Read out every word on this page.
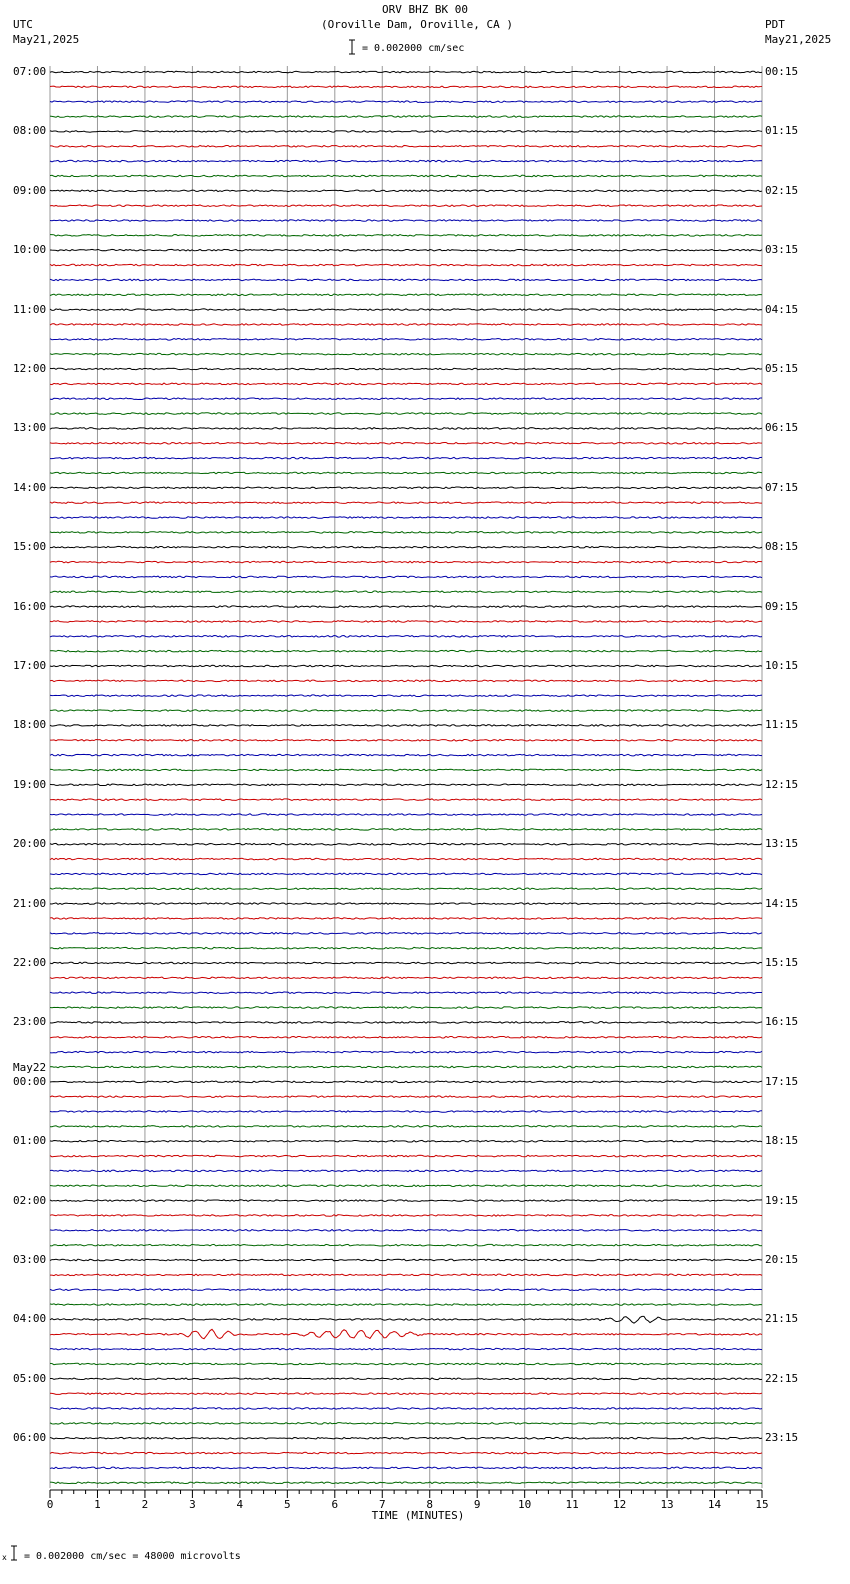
ORV BHZ BK 00
(Oroville Dam, Oroville, CA )
UTC
May21,2025
PDT
May21,2025
= 0.002000 cm/sec
07:00
08:00
09:00
10:00
11:00
12:00
13:00
14:00
15:00
16:00
17:00
18:00
19:00
20:00
21:00
22:00
23:00
00:00
May22
01:00
02:00
03:00
04:00
05:00
06:00
00:15
01:15
02:15
03:15
04:15
05:15
06:15
07:15
08:15
09:15
10:15
11:15
12:15
13:15
14:15
15:15
16:15
17:15
18:15
19:15
20:15
21:15
22:15
23:15
0	1	2	3	4	5	6	7	8	9	10	11	12	13	14	15
TIME (MINUTES)
= 0.002000 cm/sec = 48000 microvolts
x
